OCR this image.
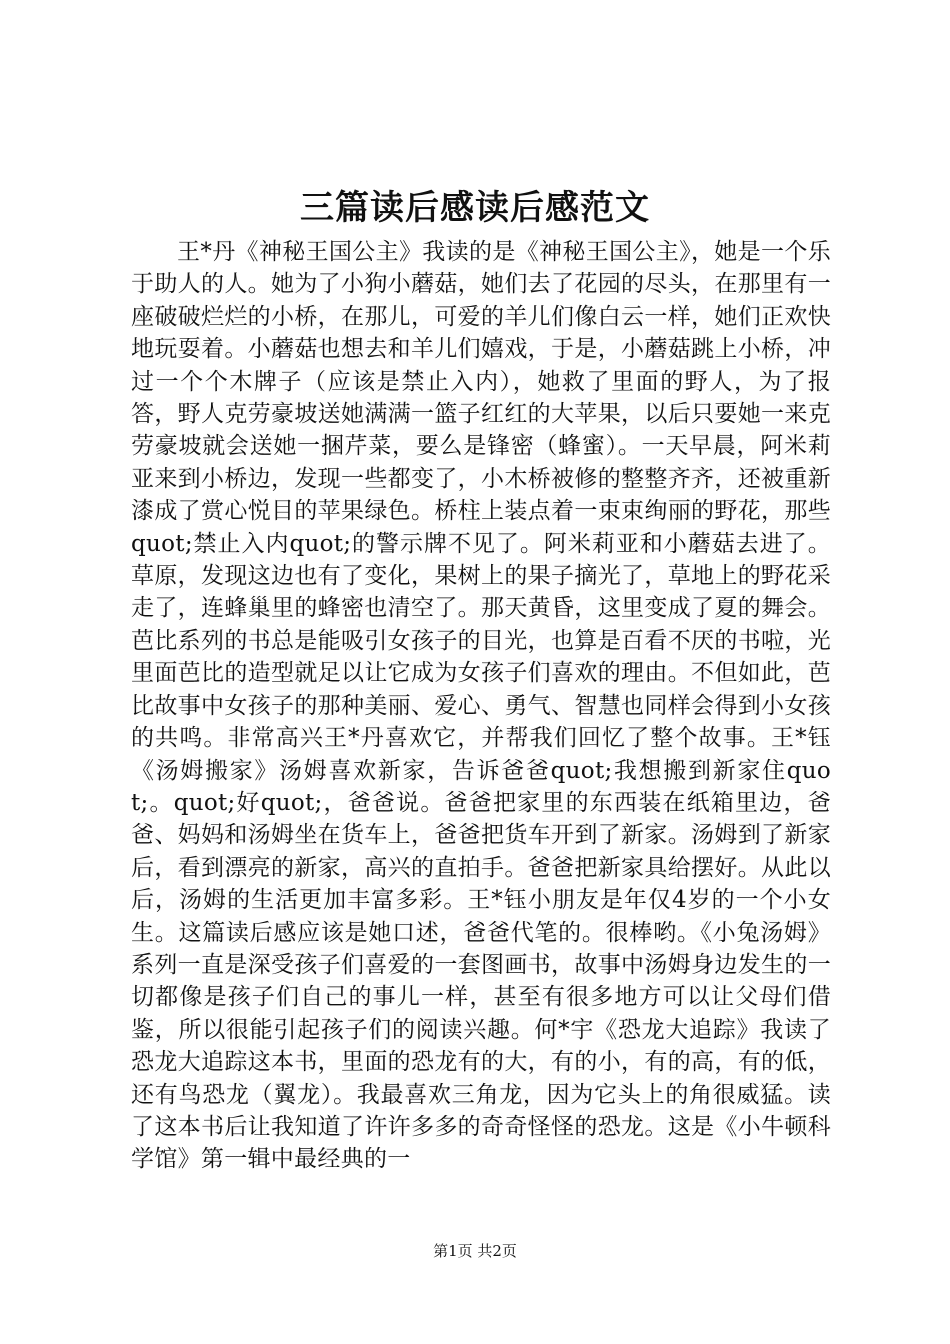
三篇读后感读后感范文

王*丹《神秘王国公主》我读的是《神秘王国公主》，她是一个乐于助人的人。她为了小狗小蘑菇，她们去了花园的尽头，在那里有一座破破烂烂的小桥，在那儿，可爱的羊儿们像白云一样，她们正欢快地玩耍着。小蘑菇也想去和羊儿们嬉戏，于是，小蘑菇跳上小桥，冲过一个个木牌子（应该是禁止入内），她救了里面的野人，为了报答，野人克劳豪坡送她满满一篮子红红的大苹果，以后只要她一来克劳豪坡就会送她一捆芹菜，要么是锋密（蜂蜜）。一天早晨，阿米莉亚来到小桥边，发现一些都变了，小木桥被修的整整齐齐，还被重新漆成了赏心悦目的苹果绿色。桥柱上装点着一束束绚丽的野花，那些quot;禁止入内quot;的警示牌不见了。阿米莉亚和小蘑菇去进了。草原，发现这边也有了变化，果树上的果子摘光了，草地上的野花采走了，连蜂巢里的蜂密也清空了。那天黄昏，这里变成了夏的舞会。芭比系列的书总是能吸引女孩子的目光，也算是百看不厌的书啦，光里面芭比的造型就足以让它成为女孩子们喜欢的理由。不但如此，芭比故事中女孩子的那种美丽、爱心、勇气、智慧也同样会得到小女孩的共鸣。非常高兴王*丹喜欢它，并帮我们回忆了整个故事。王*钰《汤姆搬家》汤姆喜欢新家，告诉爸爸quot;我想搬到新家住quot;。quot;好quot;，爸爸说。爸爸把家里的东西装在纸箱里边，爸爸、妈妈和汤姆坐在货车上，爸爸把货车开到了新家。汤姆到了新家后，看到漂亮的新家，高兴的直拍手。爸爸把新家具给摆好。从此以后，汤姆的生活更加丰富多彩。王*钰小朋友是年仅4岁的一个小女生。这篇读后感应该是她口述，爸爸代笔的。很棒哟。《小兔汤姆》系列一直是深受孩子们喜爱的一套图画书，故事中汤姆身边发生的一切都像是孩子们自己的事儿一样，甚至有很多地方可以让父母们借鉴，所以很能引起孩子们的阅读兴趣。何*宇《恐龙大追踪》我读了恐龙大追踪这本书，里面的恐龙有的大，有的小，有的高，有的低，还有鸟恐龙（翼龙）。我最喜欢三角龙，因为它头上的角很威猛。读了这本书后让我知道了许许多多的奇奇怪怪的恐龙。这是《小牛顿科学馆》第一辑中最经典的一

第1页 共2页
